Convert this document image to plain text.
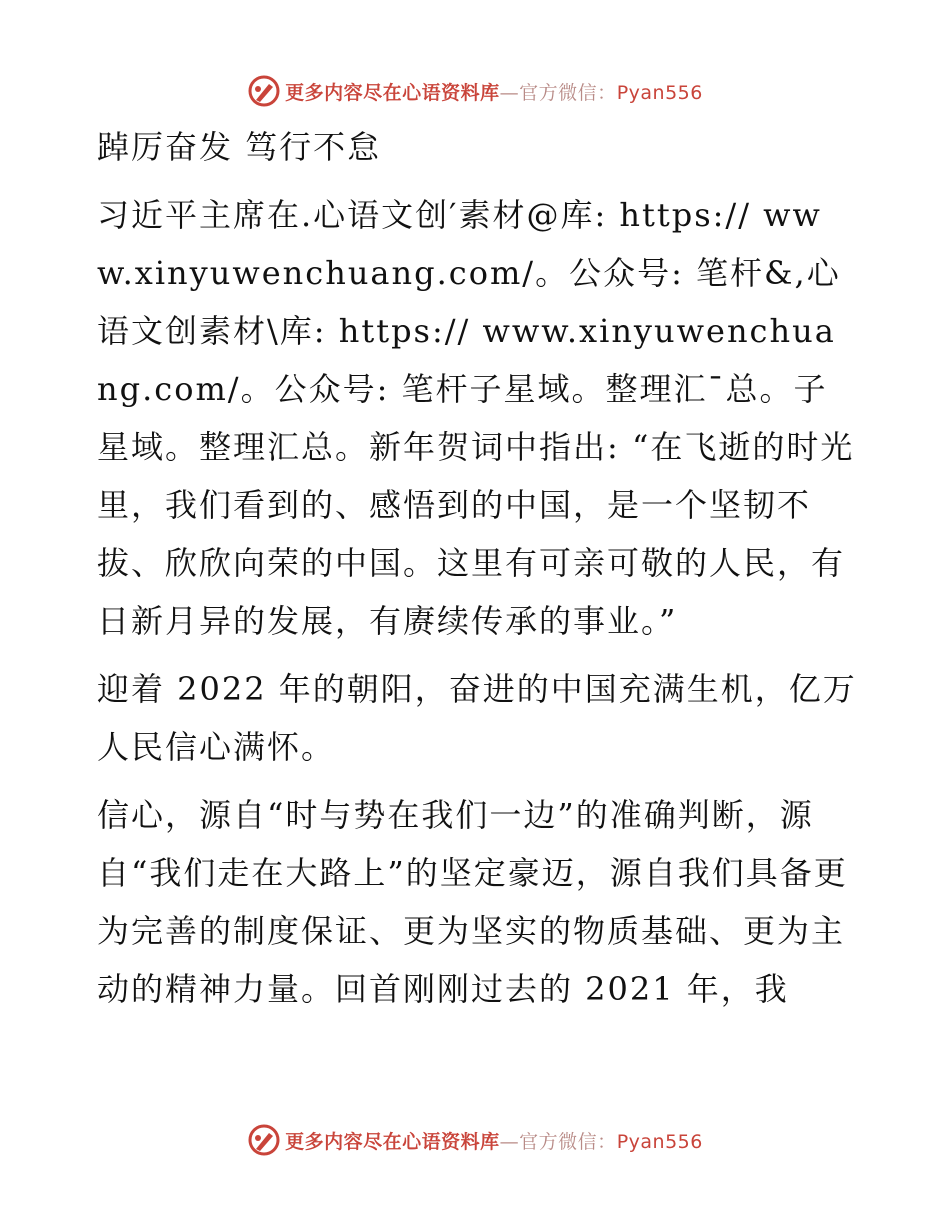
更多内容尽在心语资料库—官方微信：Pyan556

踔厉奋发 笃行不怠

习近平主席在.心语文创′素材@库: https:// www.xinyuwenchuang.com/。公众号: 笔杆&,心语文创素材\库: https:// www.xinyuwenchuang.com/。公众号: 笔杆子星域。整理汇¯总。子星域。整理汇总。新年贺词中指出: “在飞逝的时光里，我们看到的、感悟到的中国，是一个坚韧不拔、欣欣向荣的中国。这里有可亲可敬的人民，有日新月异的发展，有赓续传承的事业。”

迎着 2022 年的朝阳，奋进的中国充满生机，亿万人民信心满怀。

信心，源自“时与势在我们一边”的准确判断，源自“我们走在大路上”的坚定豪迈，源自我们具备更为完善的制度保证、更为坚实的物质基础、更为主动的精神力量。回首刚刚过去的 2021 年，我

更多内容尽在心语资料库—官方微信：Pyan556
